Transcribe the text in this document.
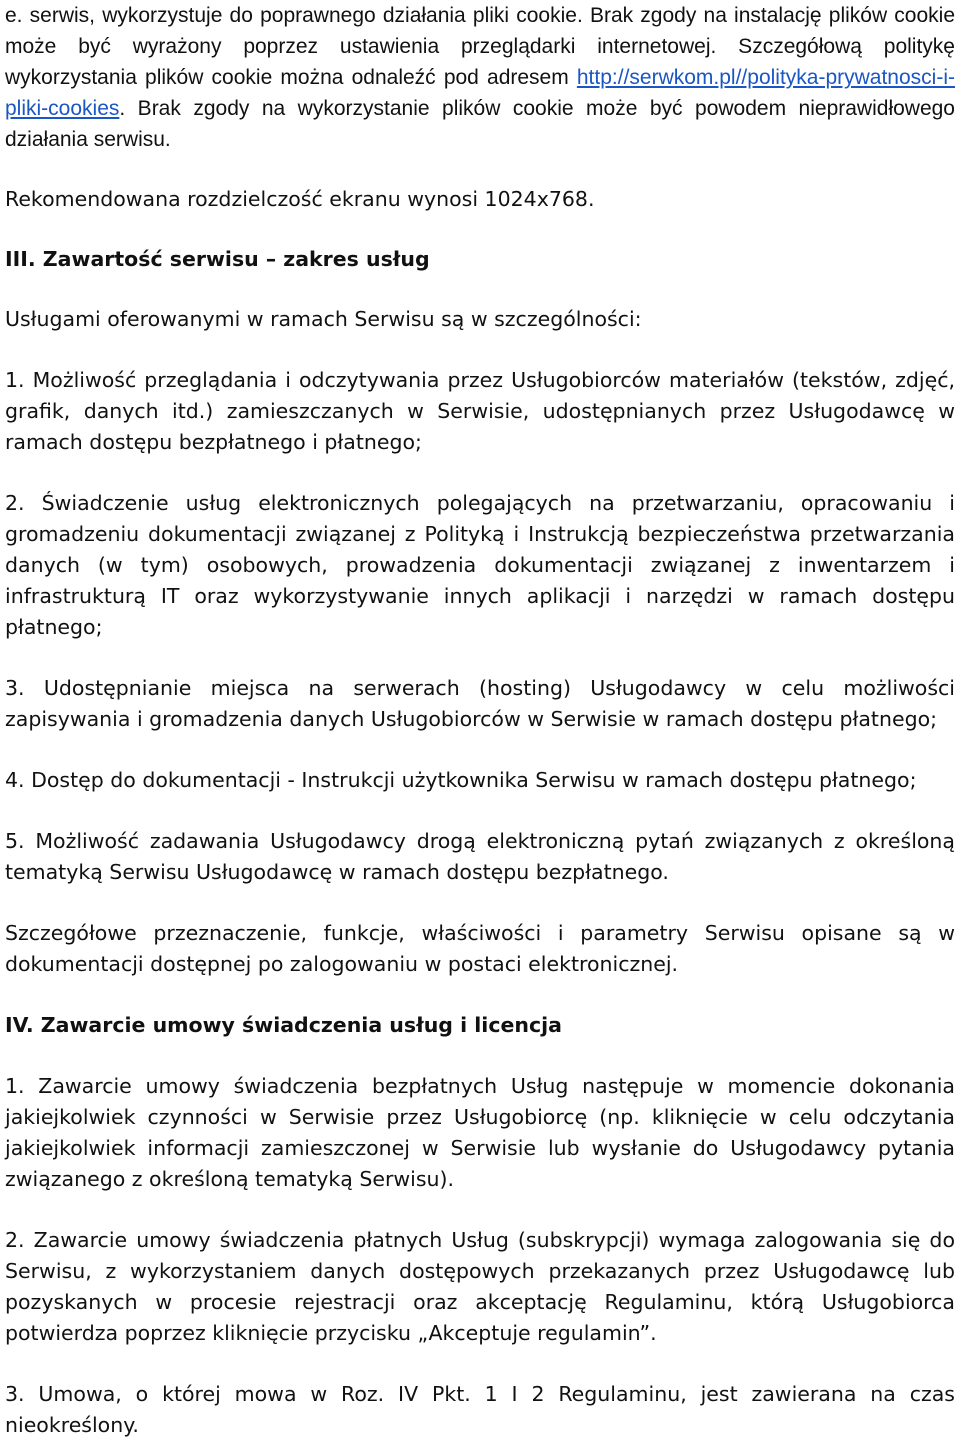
e. serwis, wykorzystuje do poprawnego działania pliki cookie. Brak zgody na instalację plików cookie może być wyrażony poprzez ustawienia przeglądarki internetowej. Szczegółową politykę wykorzystania plików cookie można odnaleźć pod adresem http://serwkom.pl//polityka-prywatnosci-i-pliki-cookies. Brak zgody na wykorzystanie plików cookie może być powodem nieprawidłowego działania serwisu.

Rekomendowana rozdzielczość ekranu wynosi 1024x768.

III. Zawartość serwisu – zakres usług

Usługami oferowanymi w ramach Serwisu są w szczególności:

1. Możliwość przeglądania i odczytywania przez Usługobiorców materiałów (tekstów, zdjęć, grafik, danych itd.) zamieszczanych w Serwisie, udostępnianych przez Usługodawcę w ramach dostępu bezpłatnego i płatnego;

2. Świadczenie usług elektronicznych polegających na przetwarzaniu, opracowaniu i gromadzeniu dokumentacji związanej z Polityką i Instrukcją bezpieczeństwa przetwarzania danych (w tym) osobowych, prowadzenia dokumentacji związanej z inwentarzem i infrastrukturą IT oraz wykorzystywanie innych aplikacji i narzędzi w ramach dostępu płatnego;

3. Udostępnianie miejsca na serwerach (hosting) Usługodawcy w celu możliwości zapisywania i gromadzenia danych Usługobiorców w Serwisie w ramach dostępu płatnego;

4. Dostęp do dokumentacji - Instrukcji użytkownika Serwisu w ramach dostępu płatnego;

5. Możliwość zadawania Usługodawcy drogą elektroniczną pytań związanych z określoną tematyką Serwisu Usługodawcę w ramach dostępu bezpłatnego.

Szczegółowe przeznaczenie, funkcje, właściwości i parametry Serwisu opisane są w dokumentacji dostępnej po zalogowaniu w postaci elektronicznej.

IV. Zawarcie umowy świadczenia usług i licencja

1. Zawarcie umowy świadczenia bezpłatnych Usług następuje w momencie dokonania jakiejkolwiek czynności w Serwisie przez Usługobiorcę (np. kliknięcie w celu odczytania jakiejkolwiek informacji zamieszczonej w Serwisie lub wysłanie do Usługodawcy pytania związanego z określoną tematyką Serwisu).

2. Zawarcie umowy świadczenia płatnych Usług (subskrypcji) wymaga zalogowania się do Serwisu, z wykorzystaniem danych dostępowych przekazanych przez Usługodawcę lub pozyskanych w procesie rejestracji oraz akceptację Regulaminu, którą Usługobiorca potwierdza poprzez kliknięcie przycisku „Akceptuje regulamin”.

3. Umowa, o której mowa w Roz. IV Pkt. 1 I 2 Regulaminu, jest zawierana na czas nieokreślony.
